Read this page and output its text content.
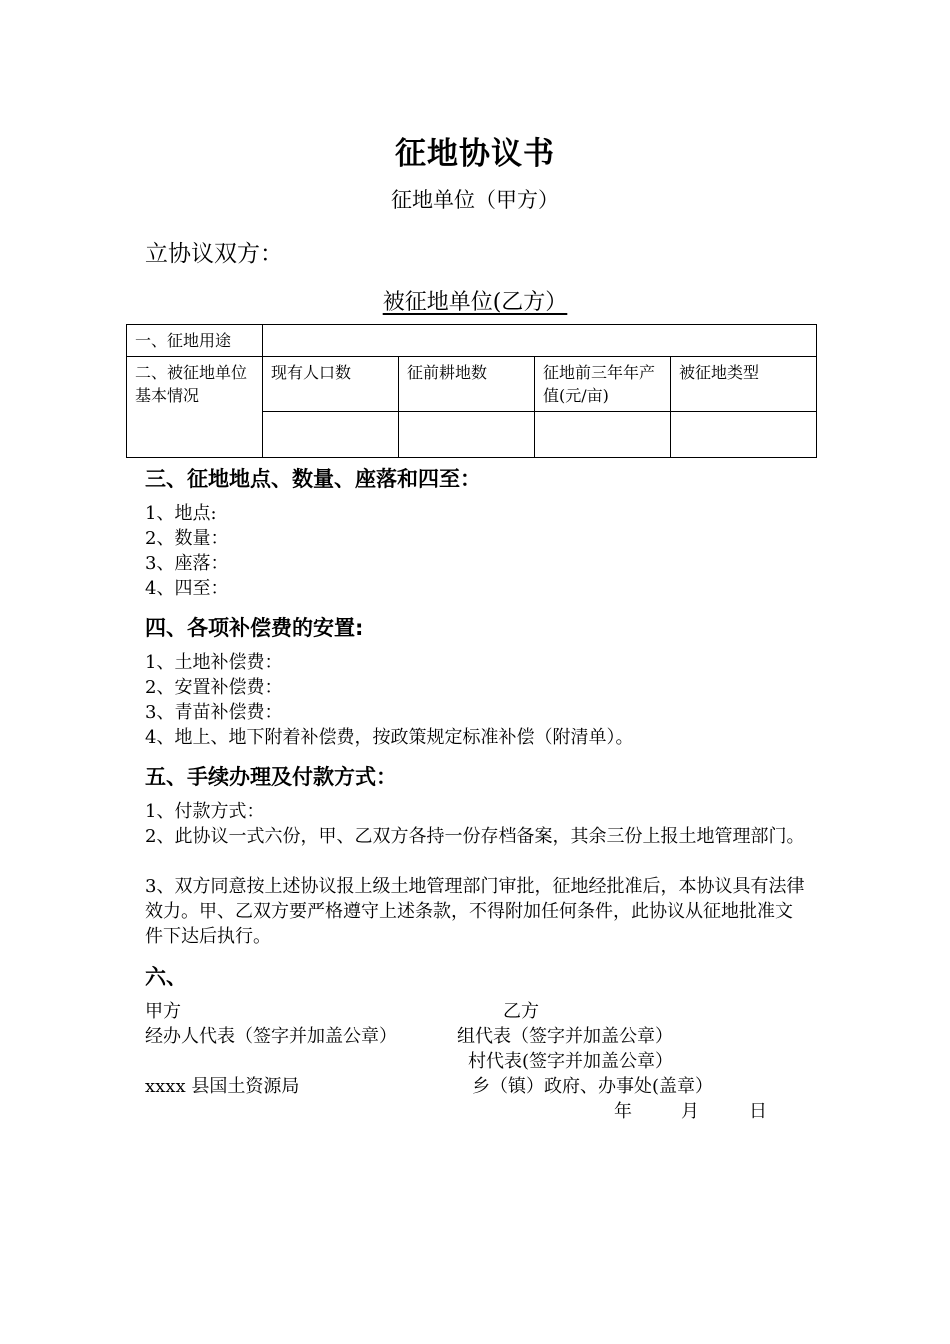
征地协议书
征地单位（甲方）
立协议双方：
被征地单位(乙方）
一、征地用途				
二、被征地单位基本情况	现有人口数	征前耕地数	征地前三年年产值(元/亩)	被征地类型

三、征地地点、数量、座落和四至：
1、地点:
2、数量：
3、座落：
4、四至：
四、各项补偿费的安置:
1、土地补偿费：
2、安置补偿费：
3、青苗补偿费：
4、地上、地下附着补偿费，按政策规定标准补偿（附清单）。
五、手续办理及付款方式：
1、付款方式：
2、此协议一式六份，甲、乙双方各持一份存档备案，其余三份上报土地管理部门。
3、双方同意按上述协议报上级土地管理部门审批，征地经批准后，本协议具有法律效力。甲、乙双方要严格遵守上述条款，不得附加任何条件，此协议从征地批准文件下达后执行。
六、
甲方	乙方
经办人代表（签字并加盖公章）	组代表（签字并加盖公章）
村代表(签字并加盖公章）
xxxx 县国土资源局	乡（镇）政府、办事处(盖章）
年	月	日
